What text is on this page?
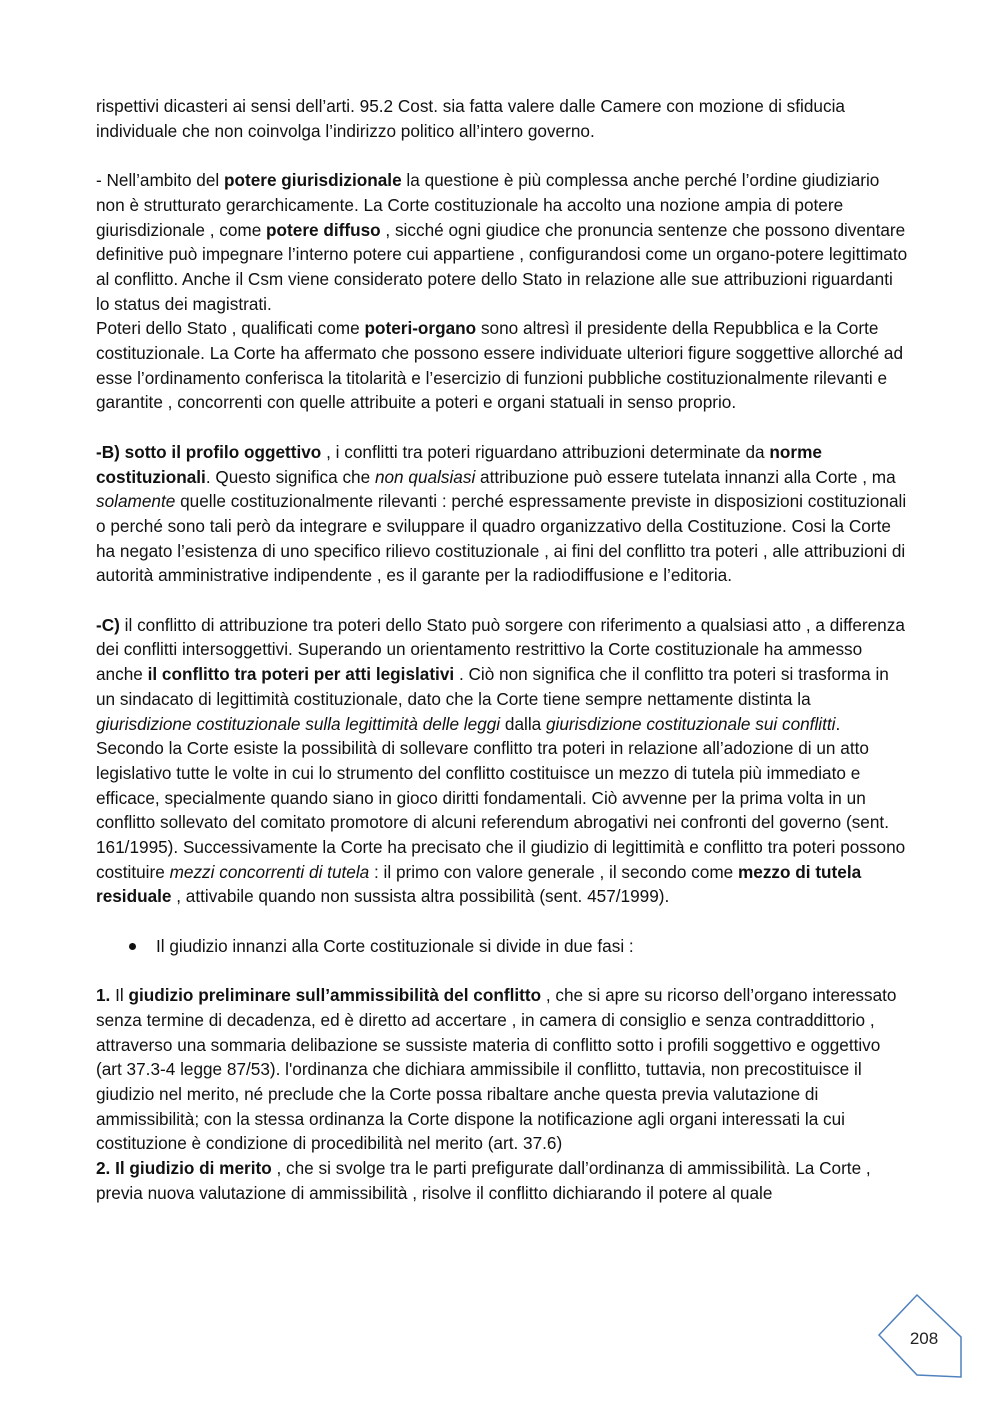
rispettivi dicasteri ai sensi dell’arti. 95.2 Cost. sia fatta valere dalle Camere con mozione di sfiducia individuale che non coinvolga l’indirizzo politico all’intero governo.

- Nell’ambito del potere giurisdizionale la questione è più complessa anche perché l’ordine giudiziario non è strutturato gerarchicamente. La Corte costituzionale ha accolto una nozione ampia di potere giurisdizionale , come potere diffuso , sicché ogni giudice che pronuncia sentenze che possono diventare definitive può impegnare l’interno potere cui appartiene , configurandosi come un organo-potere legittimato al conflitto. Anche il Csm viene considerato potere dello Stato in relazione alle sue attribuzioni riguardanti lo status dei magistrati.

Poteri dello Stato , qualificati come poteri-organo sono altresì il presidente della Repubblica e la Corte costituzionale. La Corte ha affermato che possono essere individuate ulteriori figure soggettive allorché ad esse l’ordinamento conferisca la titolarità e l’esercizio di funzioni pubbliche costituzionalmente rilevanti e garantite , concorrenti con quelle attribuite a poteri e organi statuali in senso proprio.

-B) sotto il profilo oggettivo , i conflitti tra poteri riguardano attribuzioni determinate da norme costituzionali. Questo significa che non qualsiasi attribuzione può essere tutelata innanzi alla Corte , ma solamente quelle costituzionalmente rilevanti : perché espressamente previste in disposizioni costituzionali o perché sono tali però da integrare e sviluppare il quadro organizzativo della Costituzione. Cosi la Corte ha negato l’esistenza di uno specifico rilievo costituzionale , ai fini del conflitto tra poteri , alle attribuzioni di autorità amministrative indipendente , es il garante per la radiodiffusione e l’editoria.

-C) il conflitto di attribuzione tra poteri dello Stato può sorgere con riferimento a qualsiasi atto , a differenza dei conflitti intersoggettivi. Superando un orientamento restrittivo la Corte costituzionale ha ammesso anche il conflitto tra poteri per atti legislativi . Ciò non significa che il conflitto tra poteri si trasforma in un sindacato di legittimità costituzionale, dato che la Corte tiene sempre nettamente distinta la giurisdizione costituzionale sulla legittimità delle leggi dalla giurisdizione costituzionale sui conflitti.

Secondo la Corte esiste la possibilità di sollevare conflitto tra poteri in relazione all’adozione di un atto legislativo tutte le volte in cui lo strumento del conflitto costituisce un mezzo di tutela più immediato e efficace, specialmente quando siano in gioco diritti fondamentali. Ciò avvenne per la prima volta in un conflitto sollevato del comitato promotore di alcuni referendum abrogativi nei confronti del governo (sent. 161/1995). Successivamente la Corte ha precisato che il giudizio di legittimità e conflitto tra poteri possono costituire mezzi concorrenti di tutela : il primo con valore generale , il secondo come mezzo di tutela residuale , attivabile quando non sussista altra possibilità (sent. 457/1999).

Il giudizio innanzi alla Corte costituzionale si divide in due fasi :

1. Il giudizio preliminare sull’ammissibilità del conflitto , che si apre su ricorso dell’organo interessato senza termine di decadenza, ed è diretto ad accertare , in camera di consiglio e senza contraddittorio , attraverso una sommaria delibazione se sussiste materia di conflitto sotto i profili soggettivo e oggettivo (art 37.3-4 legge 87/53). l'ordinanza che dichiara ammissibile il conflitto, tuttavia, non precostituisce il giudizio nel merito, né preclude che la Corte possa ribaltare anche questa previa valutazione di ammissibilità; con la stessa ordinanza la Corte dispone la notificazione agli organi interessati la cui costituzione è condizione di procedibilità nel merito (art. 37.6)

2. Il giudizio di merito , che si svolge tra le parti prefigurate dall’ordinanza di ammissibilità. La Corte , previa nuova valutazione di ammissibilità , risolve il conflitto dichiarando il potere al quale

208
